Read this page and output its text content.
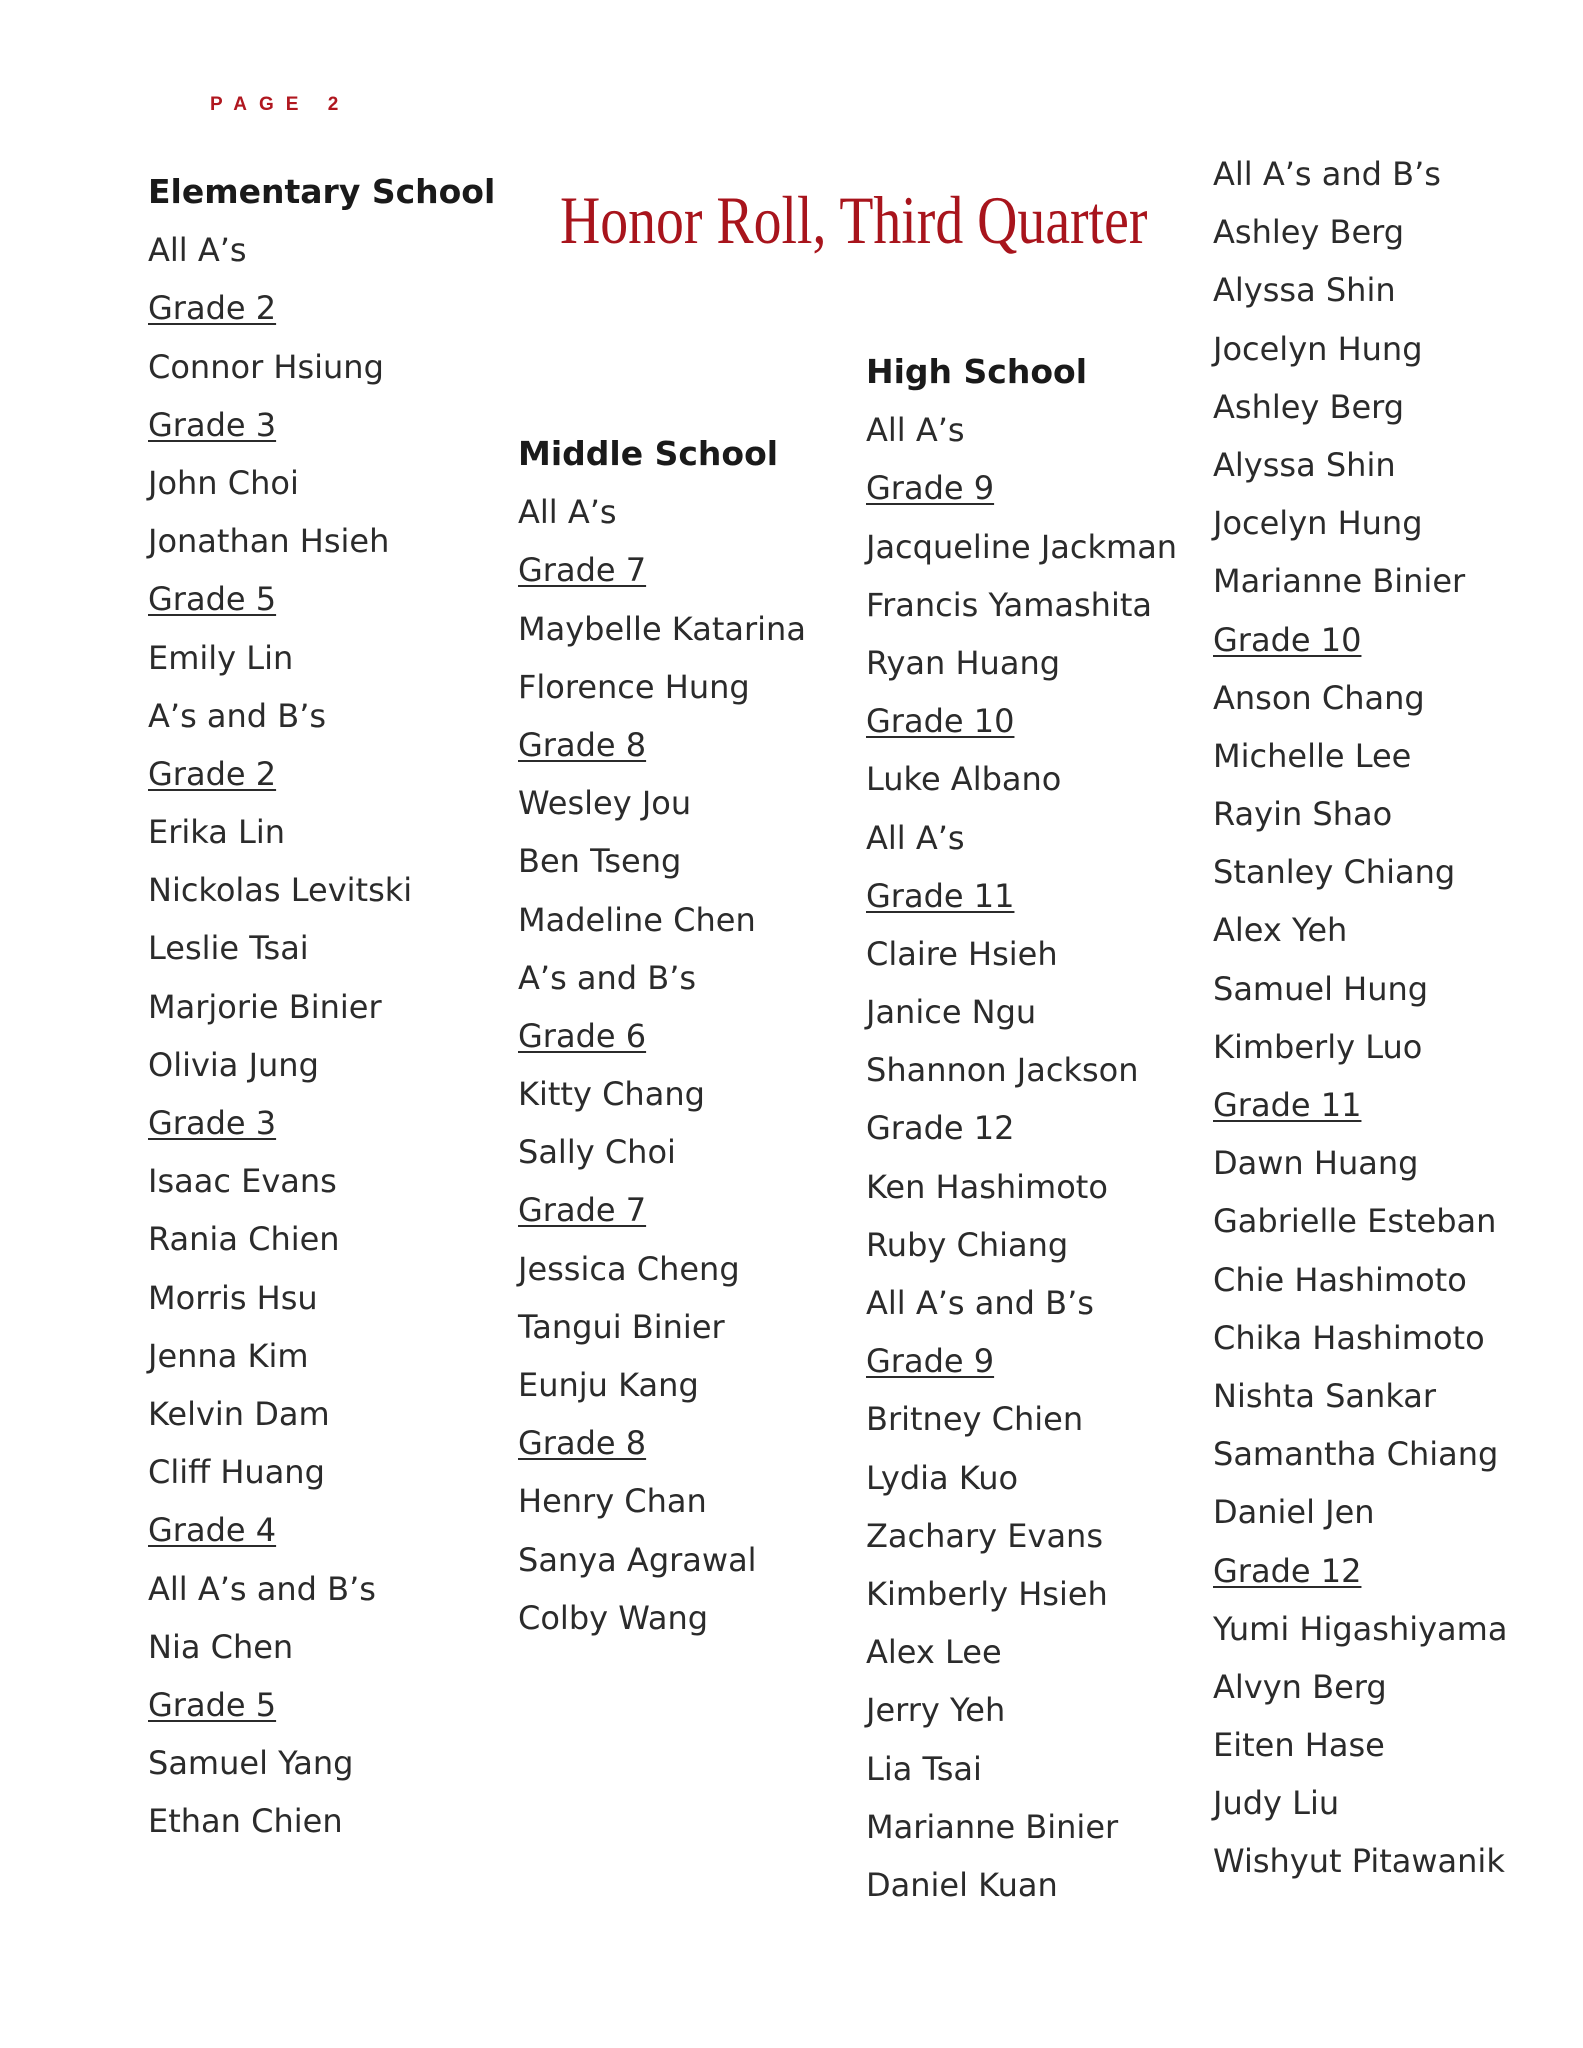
PAGE 2
Honor Roll, Third Quarter
Elementary School
All A’s
Grade 2
Connor Hsiung
Grade 3
John Choi
Jonathan Hsieh
Grade 5
Emily Lin
A’s and B’s
Grade 2
Erika Lin
Nickolas Levitski
Leslie Tsai
Marjorie Binier
Olivia Jung
Grade 3
Isaac Evans
Rania Chien
Morris Hsu
Jenna Kim
Kelvin Dam
Cliff Huang
Grade 4
All A’s and B’s
Nia Chen
Grade 5
Samuel Yang
Ethan Chien
Middle School
All A’s
Grade 7
Maybelle Katarina
Florence Hung
Grade 8
Wesley Jou
Ben Tseng
Madeline Chen
A’s and B’s
Grade 6
Kitty Chang
Sally Choi
Grade 7
Jessica Cheng
Tangui Binier
Eunju Kang
Grade 8
Henry Chan
Sanya Agrawal
Colby Wang
High School
All A’s
Grade 9
Jacqueline Jackman
Francis Yamashita
Ryan Huang
Grade 10
Luke Albano
All A’s
Grade 11
Claire Hsieh
Janice Ngu
Shannon Jackson
Grade 12
Ken Hashimoto
Ruby Chiang
All A’s and B’s
Grade 9
Britney Chien
Lydia Kuo
Zachary Evans
Kimberly Hsieh
Alex Lee
Jerry Yeh
Lia Tsai
Marianne Binier
Daniel Kuan
All A’s and B’s
Ashley Berg
Alyssa Shin
Jocelyn Hung
Ashley Berg
Alyssa Shin
Jocelyn Hung
Marianne Binier
Grade 10
Anson Chang
Michelle Lee
Rayin Shao
Stanley Chiang
Alex Yeh
Samuel Hung
Kimberly Luo
Grade 11
Dawn Huang
Gabrielle Esteban
Chie Hashimoto
Chika Hashimoto
Nishta Sankar
Samantha Chiang
Daniel Jen
Grade 12
Yumi Higashiyama
Alvyn Berg
Eiten Hase
Judy Liu
Wishyut Pitawanik
